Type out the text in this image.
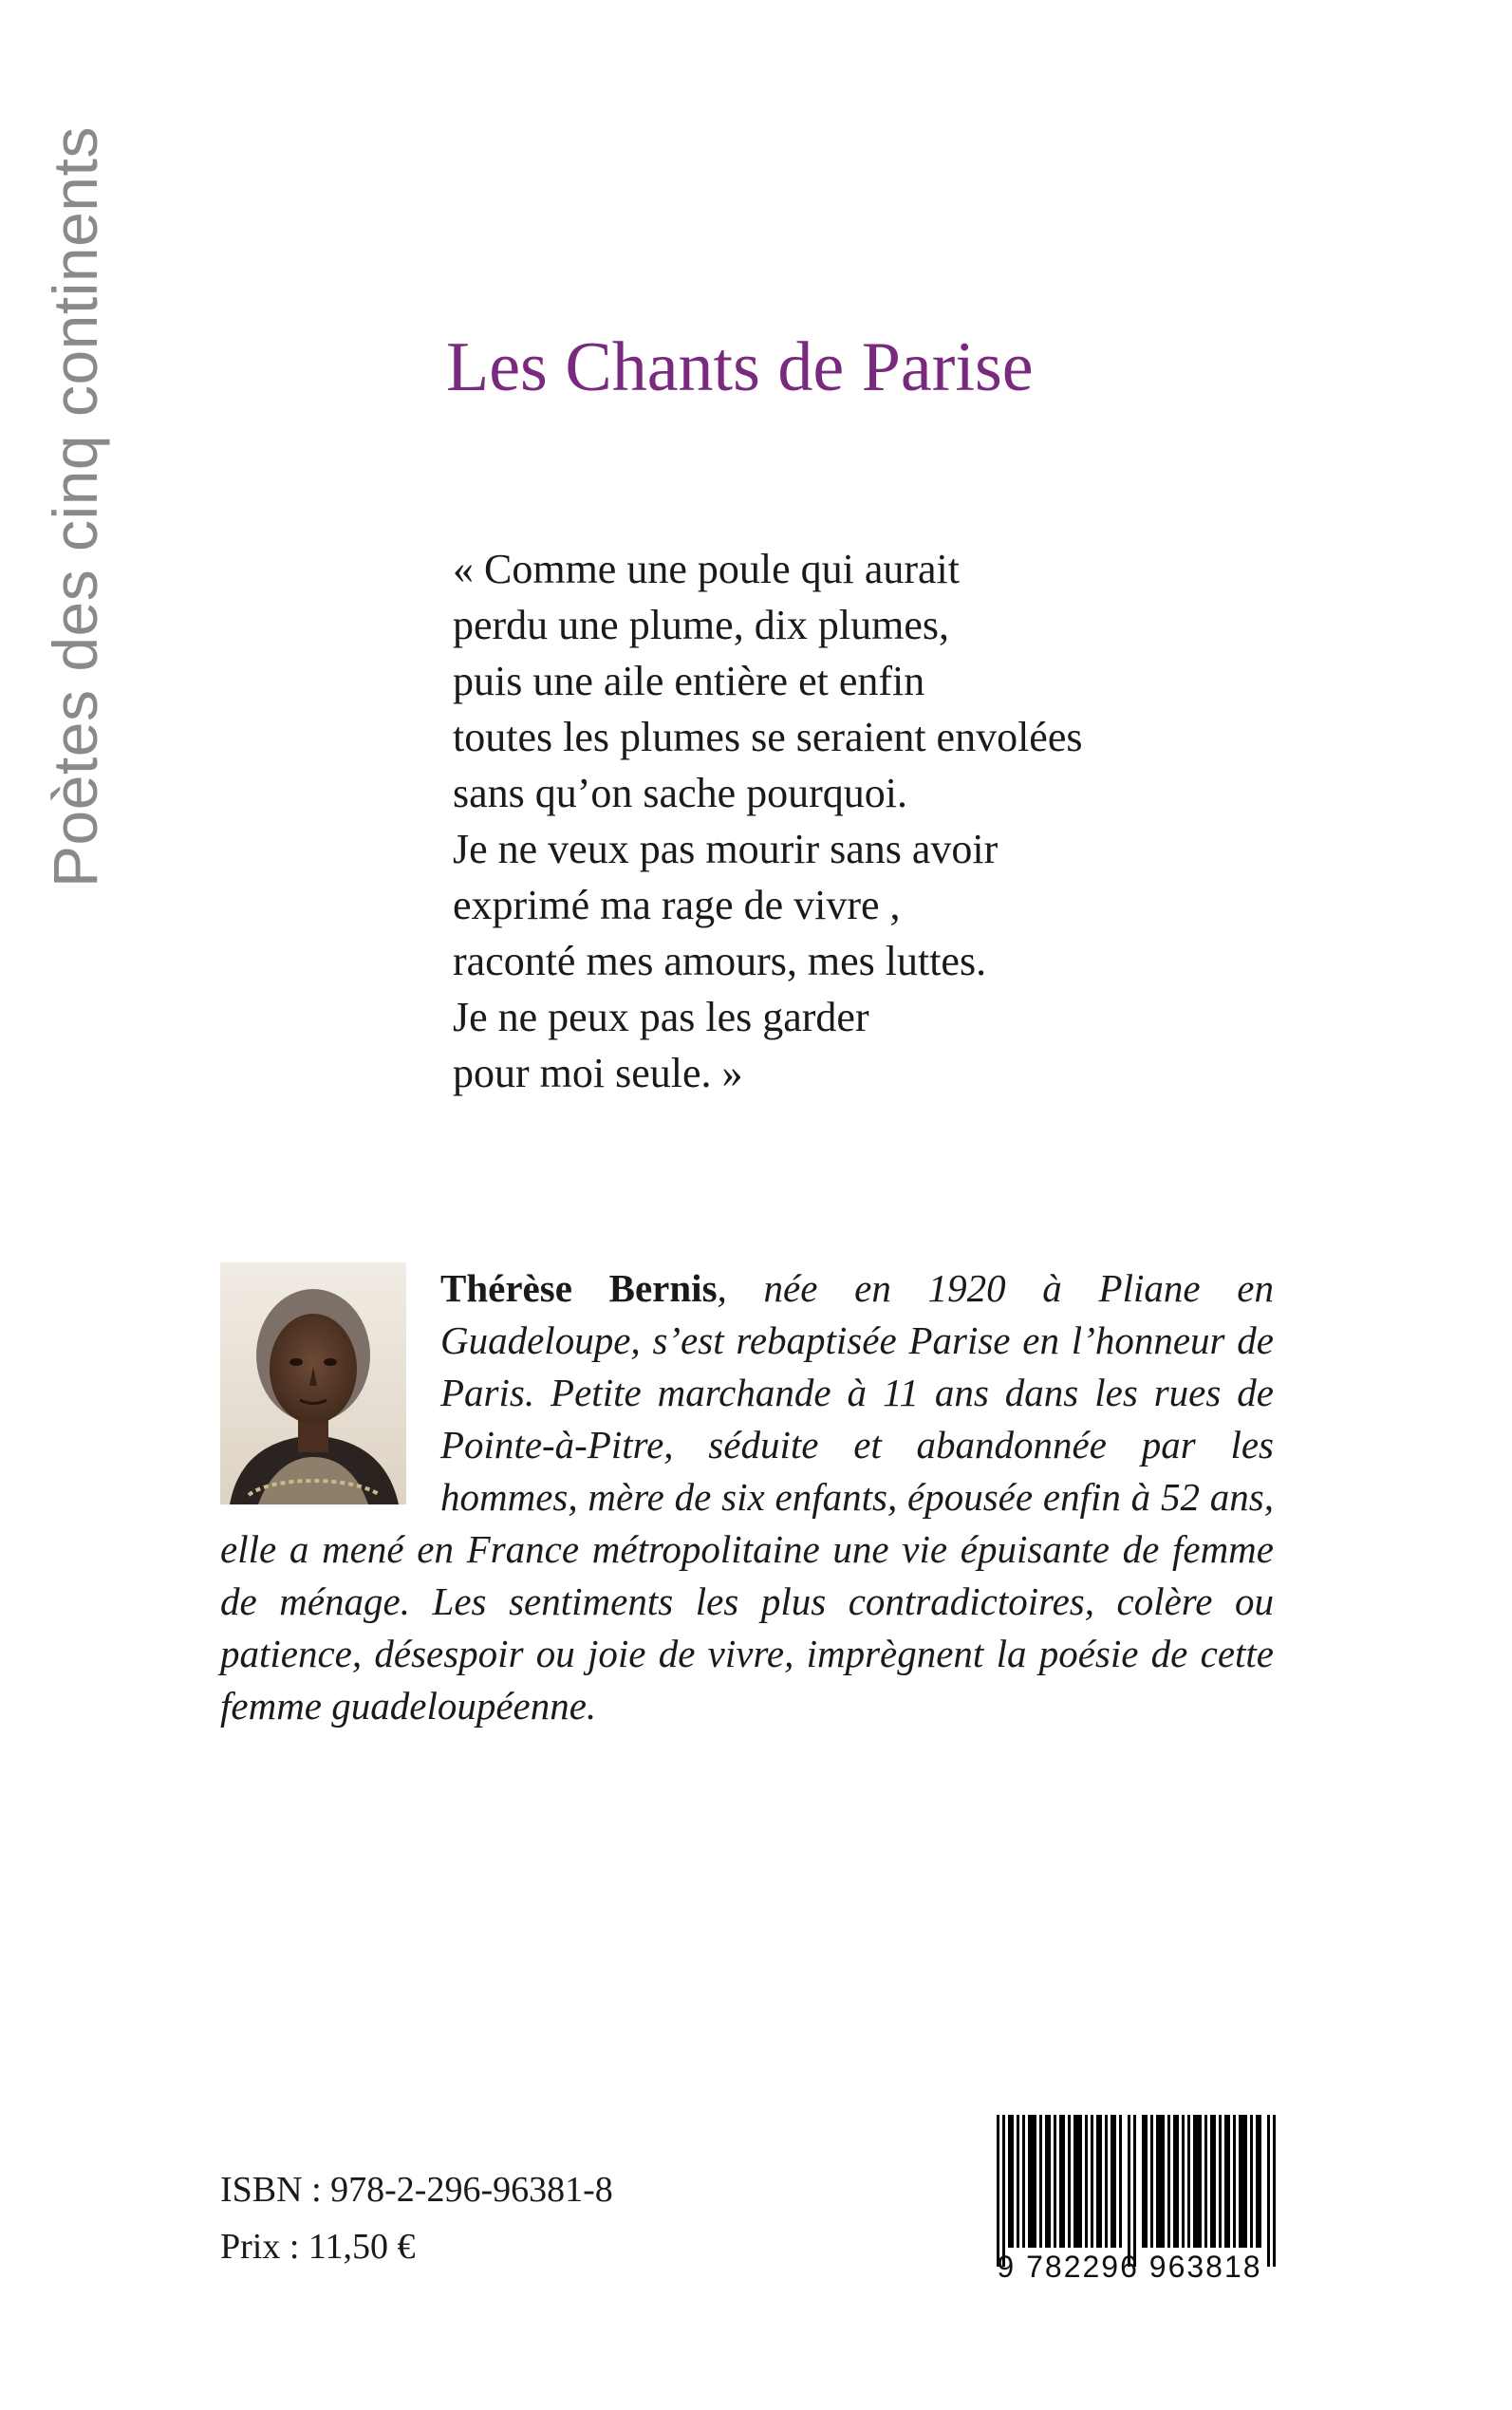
Poètes des cinq continents	Les Chants de Parise
« Comme une poule qui aurait
perdu une plume, dix plumes,
puis une aile entière et enfin
toutes les plumes se seraient envolées
sans qu’on sache pourquoi.
Je ne veux pas mourir sans avoir
exprimé ma rage de vivre ,
raconté mes amours, mes luttes.
Je ne peux pas les garder
pour moi seule. »
Thérèse Bernis, née en 1920 à Pliane en Guadeloupe, s’est rebaptisée Parise en l’honneur de Paris. Petite marchande à 11 ans dans les rues de Pointe-à-Pitre, séduite et abandonnée par les hommes, mère de six enfants, épousée enfin à 52 ans, elle a mené en France métropolitaine une vie épuisante de femme de ménage. Les sentiments les plus contradictoires, colère ou patience, désespoir ou joie de vivre, imprègnent la poésie de cette femme guadeloupéenne.
ISBN : 978-2-296-96381-8
Prix : 11,50 €	9 782296 963818
